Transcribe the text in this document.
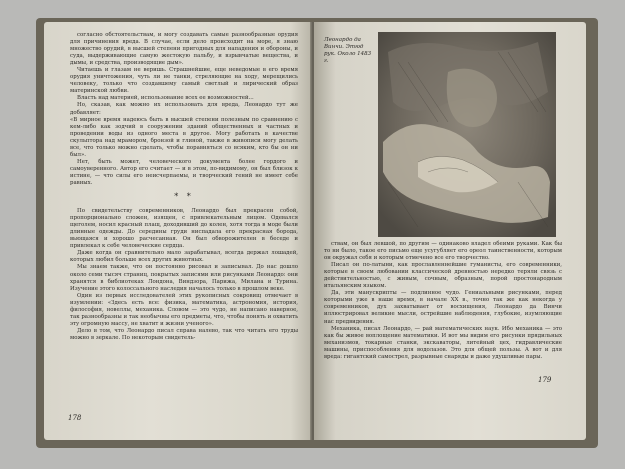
согласно обстоятельствам, и могу создавать самые разнообразные орудия для причинения вреда. В случае, если дело происходит на море, я знаю множество орудий, в высшей степени пригодных для нападения и обороны, и суда, выдерживающие самую жестокую пальбу, и взрывчатые вещества, и дымы, и средства, производящие дым».

Читаешь и глазам не веришь. Страшнейшие, еще неведомые в его время орудия уничтожения, чуть ли не танки, стреляющие на ходу, мерещились человеку, только что создавшему самый светлый и лирический образ материнской любви.

Власть над материей, использование всех ее возможностей...

Но, сказав, как можно их использовать для вреда, Леонардо тут же добавляет:

«В мирное время надеюсь быть в высшей степени полезным по сравнению с кем-либо как зодчий в сооружении зданий общественных и частных и проведении воды из одного места в другое. Могу работать в качестве скульптора над мрамором, бронзой и глиной, также в живописи могу делать все, что только можно сделать, чтобы поравняться со всяким, кто бы он ни был».

Нет, быть может, человеческого документа более гордого и самоуверенного. Автор его считает — и в этом, по-видимому, он был близок к истине, — что силы его неисчерпаемы, и творческий гений не имеет себе равных.

* *

По свидетельству современников, Леонардо был прекрасен собой, пропорционально сложен, изящен, с привлекательным лицом. Одевался щеголем, носил красный плащ, доходивший до колен, хотя тогда в моде были длинные одежды. До середины груди ниспадала его прекрасная борода, вьющаяся и хорошо расчесанная. Он был обворожителен в беседе и привлекал к себе человеческие сердца.

Даже когда он сравнительно мало зарабатывал, всегда держал лошадей, которых любил больше всех других животных.

Мы знаем также, что он постоянно рисовал и записывал. До нас дошло около семи тысяч страниц, покрытых записями или рисунками Леонардо: они хранятся в библиотеках Лондона, Виндзора, Парижа, Милана и Турина. Изучение этого колоссального наследия началось только в прошлом веке.

Один из первых исследователей этих рукописных сокровищ отмечает в изумлении: «Здесь есть все: физика, математика, астрономия, история, философия, новеллы, механика. Словом — это чудо, не написано наверное, так разнообразны и так необычны его предметы, что, чтобы понять и охватить эту огромную массу, не хватит и жизни ученого».

Дело в том, что Леонардо писал справа налево, так что читать его труды можно в зеркале. По некоторым свидетель-

ствам, он был левшой, по другим — одинаково владел обеими руками. Как бы то ни было, такое его письмо еще усугубляет его ореол таинственности, которым он окружал себя и которым отмечено все его творчество.

Писал он по-латыни, как прославленнейшие гуманисты, его современники, которые в своем любовании классической древностью нередко теряли связь с действительностью, с живым, сочным, образным, порой простонародным итальянским языком.

Да, эти манускрипты — подлинное чудо. Гениальными рисунками, перед которыми уже в наше время, в начале XX в., точно так же как некогда у современников, дух захватывает от восхищения, Леонардо да Винчи иллюстрировал великие мысли, острейшие наблюдения, глубокие, изумляющие нас предвидения.

Механика, писал Леонардо, — рай математических наук. Ибо механика — это как бы живое воплощение математики. И вот мы видим его рисунки прядильных механизмов, токарные станки, экскаваторы, литейный цех, гидравлические машины, приспособления для водолазов. Это для общей пользы. А вот и для вреда: гигантский самострел, разрывные снаряды и даже удушливые пары.

178
179
Леонардо да Винчи. Этюд рук. Около 1483 г.
